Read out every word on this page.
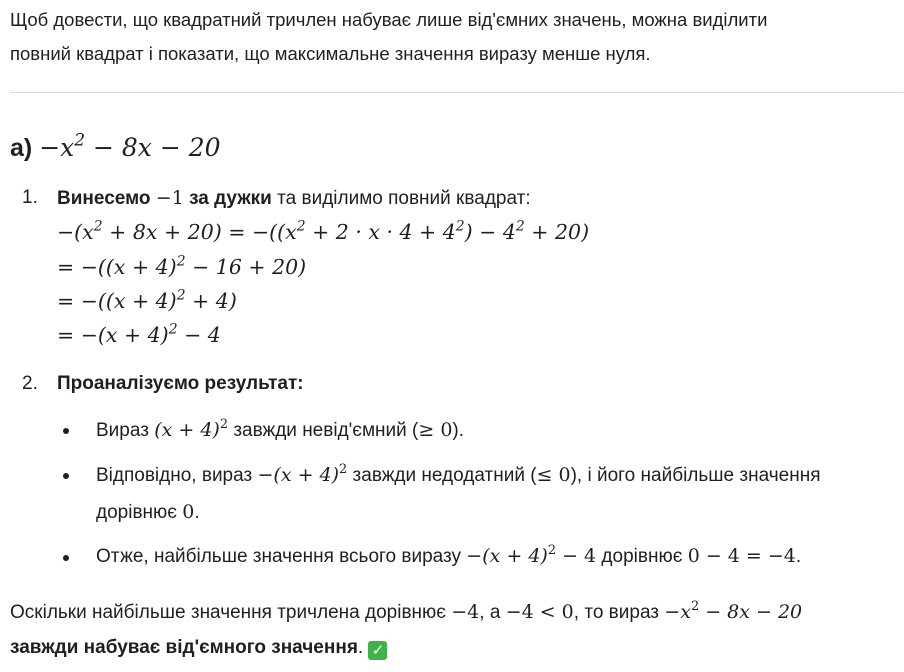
Щоб довести, що квадратний тричлен набуває лише від'ємних значень, можна виділити
повний квадрат і показати, що максимальне значення виразу менше нуля.
$а) -x^2 - 8x - 20$
1. Винесемо −1 за дужки та виділимо повний квадрат:
$-(x^2 + 8x + 20) = -((x^2 + 2 \cdot x \cdot 4 + 4^2) - 4^2 + 20)$
= $-((x + 4)^2 - 16 + 20)$
= $-((x + 4)^2 + 4)$
= $-(x + 4)^2 - 4$
2. Проаналізуємо результат:
Вираз $(x + 4)^2$ завжди невід'ємний (≥ 0).
Відповідно, вираз $-(x + 4)^2$ завжди недодатний (≤ 0), і його найбільше значення
дорівнює 0.
Отже, найбільше значення всього виразу $-(x + 4)^2 - 4$ дорівнює 0 − 4 = −4.
Оскільки найбільше значення тричлена дорівнює −4, а −4 < 0, то вираз $-x^2 - 8x - 20$
завжди набуває від'ємного значення. ✓
